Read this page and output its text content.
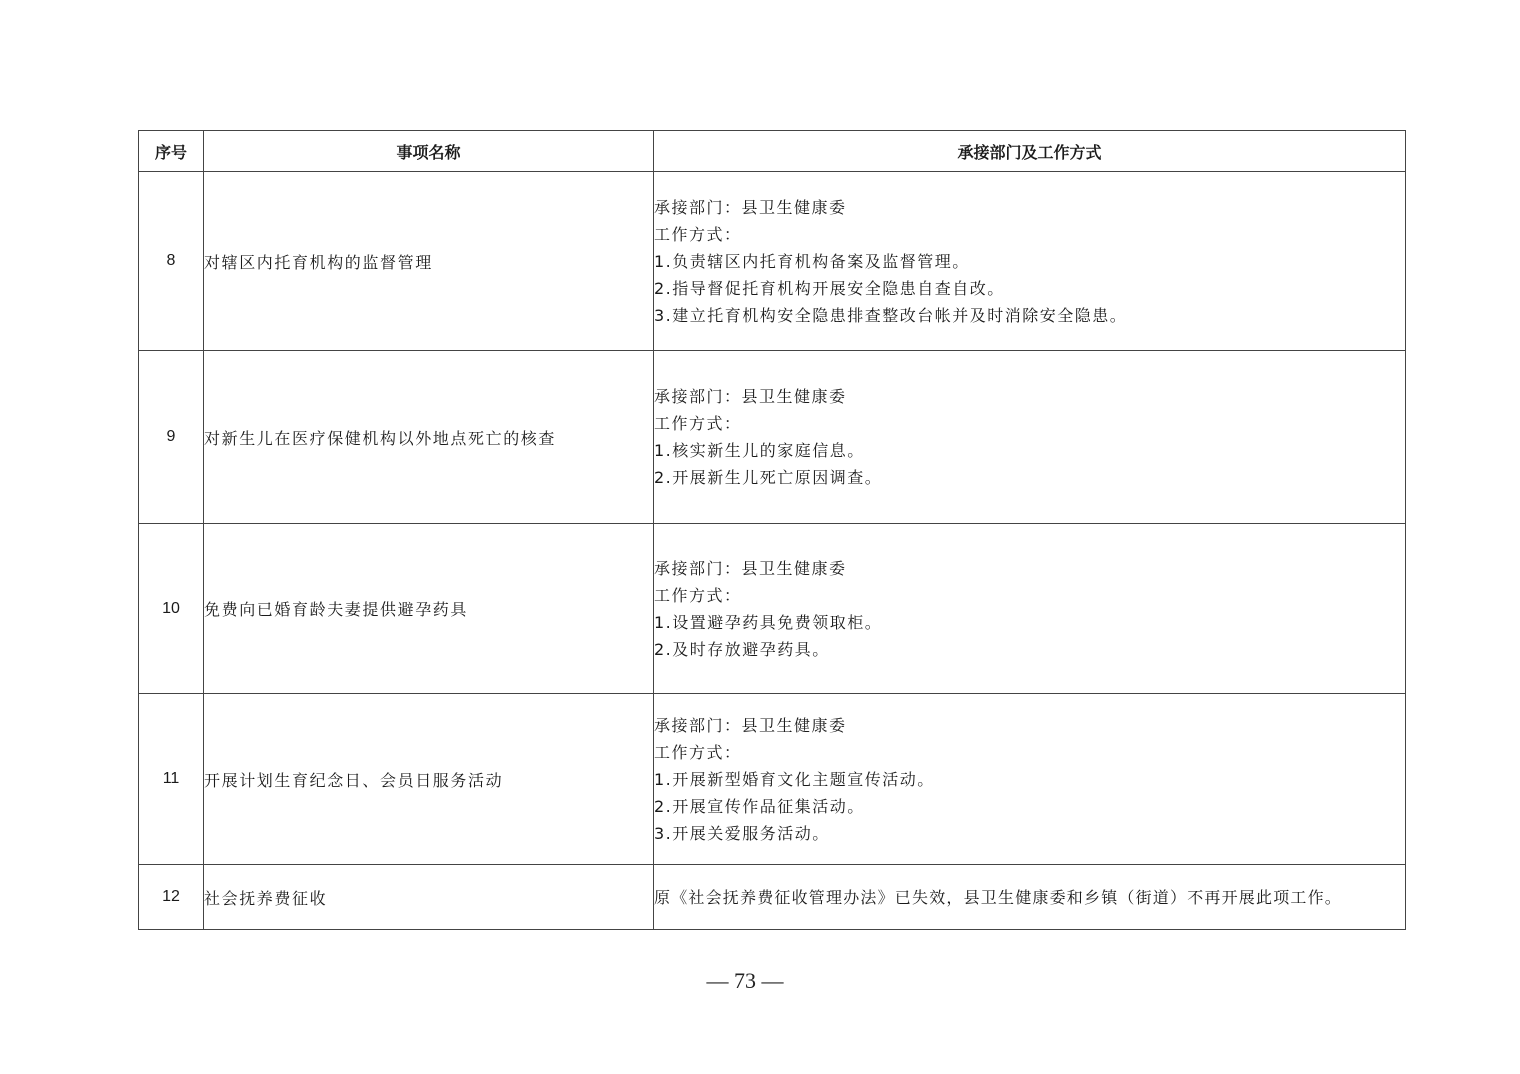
序号	事项名称	承接部门及工作方式
8	对辖区内托育机构的监督管理	承接部门：县卫生健康委
工作方式：
1.负责辖区内托育机构备案及监督管理。
2.指导督促托育机构开展安全隐患自查自改。
3.建立托育机构安全隐患排查整改台帐并及时消除安全隐患。

9	对新生儿在医疗保健机构以外地点死亡的核查	承接部门：县卫生健康委
工作方式：
1.核实新生儿的家庭信息。
2.开展新生儿死亡原因调查。

10	免费向已婚育龄夫妻提供避孕药具	承接部门：县卫生健康委
工作方式：
1.设置避孕药具免费领取柜。
2.及时存放避孕药具。

11	开展计划生育纪念日、会员日服务活动	承接部门：县卫生健康委
工作方式：
1.开展新型婚育文化主题宣传活动。
2.开展宣传作品征集活动。
3.开展关爱服务活动。

12	社会抚养费征收	原《社会抚养费征收管理办法》已失效，县卫生健康委和乡镇（街道）不再开展此项工作。
— 73 —
